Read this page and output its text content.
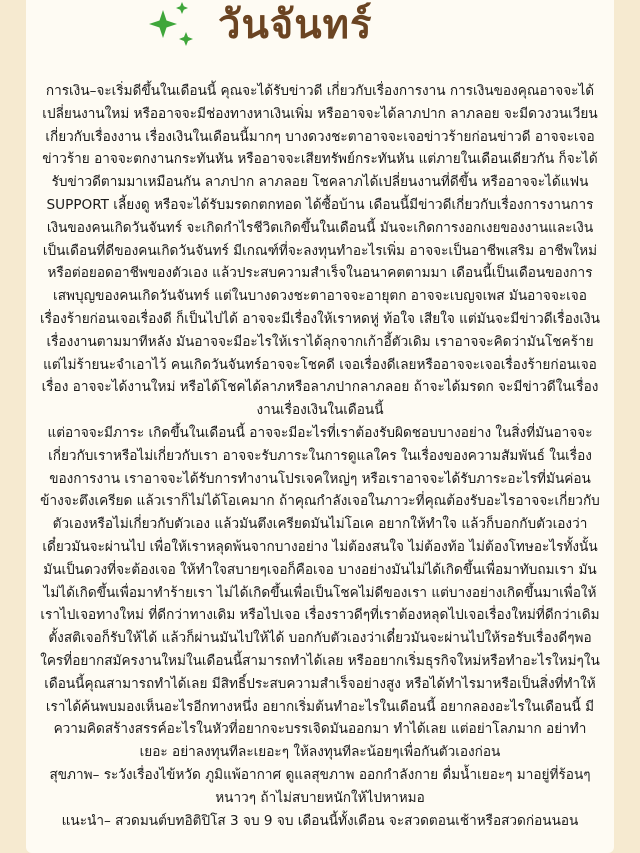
วันจันทร์

การเงิน–จะเริ่มดีขึ้นในเดือนนี้ คุณจะได้รับข่าวดี เกี่ยวกับเรื่องการงาน การเงินของคุณอาจจะได้เปลี่ยนงานใหม่ หรืออาจจะมีช่องทางหาเงินเพิ่ม หรืออาจจะได้ลาภปาก ลาภลอย จะมีดวงวนเวียนเกี่ยวกับเรื่องงาน เรื่องเงินในเดือนนี้มากๆ บางดวงชะตาอาจจะเจอข่าวร้ายก่อนข่าวดี อาจจะเจอข่าวร้าย อาจจะตกงานกระทันหัน หรืออาจจะเสียทรัพย์กระทันหัน แต่ภายในเดือนเดียวกัน ก็จะได้รับข่าวดีตามมาเหมือนกัน ลาภปาก ลาภลอย โชคลาภได้เปลี่ยนงานที่ดีขึ้น หรืออาจจะได้แฟน SUPPORT เลี้ยงดู หรือจะได้รับมรดกตกทอด ได้ซื้อบ้าน เดือนนี้มีข่าวดีเกี่ยวกับเรื่องการงานการเงินของคนเกิดวันจันทร์ จะเกิดกำไรชีวิตเกิดขึ้นในเดือนนี้ มันจะเกิดการงอกเงยของงานและเงิน เป็นเดือนที่ดีของคนเกิดวันจันทร์ มีเกณฑ์ที่จะลงทุนทำอะไรเพิ่ม อาจจะเป็นอาชีพเสริม อาชีพใหม่ หรือต่อยอดอาชีพของตัวเอง แล้วประสบความสำเร็จในอนาคตตามมา เดือนนี้เป็นเดือนของการเสพบุญของคนเกิดวันจันทร์ แต่ในบางดวงชะตาอาจจะอายุตก อาจจะเบญจเพส มันอาจจะเจอเรื่องร้ายก่อนเจอเรื่องดี ก็เป็นไปได้ อาจจะมีเรื่องให้เราหดหู่ ท้อใจ เสียใจ แต่มันจะมีข่าวดีเรื่องเงินเรื่องงานตามมาทีหลัง มันอาจจะมีอะไรให้เราได้ลุกจากเก้าอี้ตัวเดิม เราอาจจะคิดว่ามันโชคร้ายแต่ไม่ร้ายนะจำเอาไว้ คนเกิดวันจันทร์อาจจะโชคดี เจอเรื่องดีเลยหรืออาจจะเจอเรื่องร้ายก่อนเจอเรื่อง อาจจะได้งานใหม่ หรือได้โชคได้ลาภหรือลาภปากลาภลอย ถ้าจะได้มรดก จะมีข่าวดีในเรื่องงานเรื่องเงินในเดือนนี้

แต่อาจจะมีภาระ เกิดขึ้นในเดือนนี้ อาจจะมีอะไรที่เราต้องรับผิดชอบบางอย่าง ในสิ่งที่มันอาจจะเกี่ยวกับเราหรือไม่เกี่ยวกับเรา อาจจะรับภาระในการดูแลใคร ในเรื่องของความสัมพันธ์ ในเรื่องของการงาน เราอาจจะได้รับการทำงานโปรเจคใหญ่ๆ หรือเราอาจจะได้รับภาระอะไรที่มันค่อนข้างจะตึงเครียด แล้วเราก็ไม่ได้โอเคมาก ถ้าคุณกำลังเจอในภาวะที่คุณต้องรับอะไรอาจจะเกี่ยวกับตัวเองหรือไม่เกี่ยวกับตัวเอง แล้วมันตึงเครียดมันไม่โอเค อยากให้ทำใจ แล้วก็บอกกับตัวเองว่าเดี๋ยวมันจะผ่านไป เพื่อให้เราหลุดพ้นจากบางอย่าง ไม่ต้องสนใจ ไม่ต้องท้อ ไม่ต้องโทษอะไรทั้งนั้นมันเป็นดวงที่จะต้องเจอ ให้ทำใจสบายๆเจอก็คือเจอ บางอย่างมันไม่ได้เกิดขึ้นเพื่อมาทับถมเรา มันไม่ได้เกิดขึ้นเพื่อมาทำร้ายเรา ไม่ได้เกิดขึ้นเพื่อเป็นโชคไม่ดีของเรา แต่บางอย่างเกิดขึ้นมาเพื่อให้เราไปเจอทางใหม่ ที่ดีกว่าทางเดิม หรือไปเจอ เรื่องราวดีๆที่เราต้องหลุดไปเจอเรื่องใหม่ที่ดีกว่าเดิม ตั้งสติเจอก็รับให้ได้ แล้วก็ผ่านมันไปให้ได้ บอกกับตัวเองว่าเดี๋ยวมันจะผ่านไปให้รอรับเรื่องดีๆพอ ใครที่อยากสมัครงานใหม่ในเดือนนี้สามารถทำได้เลย หรืออยากเริ่มธุรกิจใหม่หรือทำอะไรใหม่ๆในเดือนนี้คุณสามารถทำได้เลย มีสิทธิ์ประสบความสำเร็จอย่างสูง หรือได้ทำไรมาหรือเป็นสิ่งที่ทำให้เราได้ค้นพบมองเห็นอะไรอีกทางหนึ่ง อยากเริ่มต้นทำอะไรในเดือนนี้ อยากลองอะไรในเดือนนี้ มีความคิดสร้างสรรค์อะไรในหัวที่อยากจะบรรเจิดมันออกมา ทำได้เลย แต่อย่าโลภมาก อย่าทำเยอะ อย่าลงทุนทีละเยอะๆ ให้ลงทุนทีละน้อยๆเพื่อกันตัวเองก่อน

สุขภาพ– ระวังเรื่องไข้หวัด ภูมิแพ้อากาศ ดูแลสุขภาพ ออกกำลังกาย ดื่มน้ำเยอะๆ มาอยู่ที่ร้อนๆหนาวๆ ถ้าไม่สบายหนักให้ไปหาหมอ

แนะนำ– สวดมนต์บทอิติปิโส 3 จบ 9 จบ เดือนนี้ทั้งเดือน จะสวดตอนเช้าหรือสวดก่อนนอน
